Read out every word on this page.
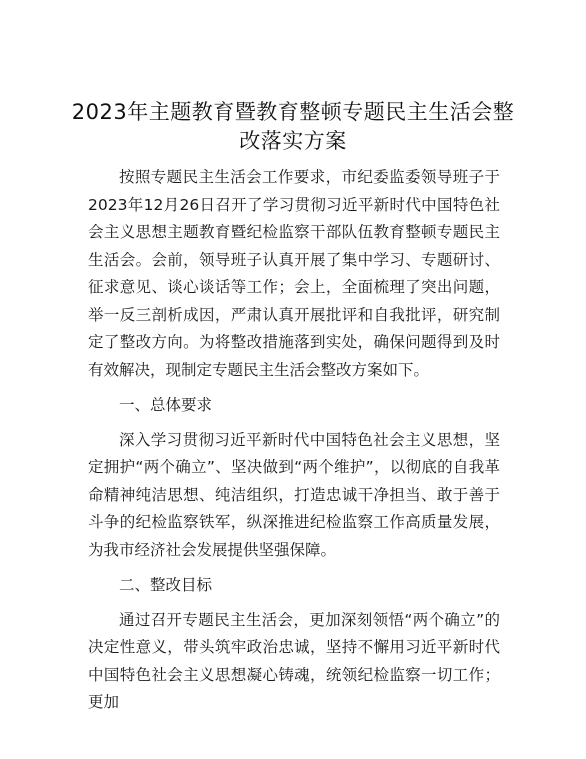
2023年主题教育暨教育整顿专题民主生活会整改落实方案

按照专题民主生活会工作要求，市纪委监委领导班子于2023年12月26日召开了学习贯彻习近平新时代中国特色社会主义思想主题教育暨纪检监察干部队伍教育整顿专题民主生活会。会前，领导班子认真开展了集中学习、专题研讨、征求意见、谈心谈话等工作；会上，全面梳理了突出问题，举一反三剖析成因，严肃认真开展批评和自我批评，研究制定了整改方向。为将整改措施落到实处，确保问题得到及时有效解决，现制定专题民主生活会整改方案如下。

一、总体要求

深入学习贯彻习近平新时代中国特色社会主义思想，坚定拥护“两个确立”、坚决做到“两个维护”，以彻底的自我革命精神纯洁思想、纯洁组织，打造忠诚干净担当、敢于善于斗争的纪检监察铁军，纵深推进纪检监察工作高质量发展，为我市经济社会发展提供坚强保障。

二、整改目标

通过召开专题民主生活会，更加深刻领悟“两个确立”的决定性意义，带头筑牢政治忠诚，坚持不懈用习近平新时代中国特色社会主义思想凝心铸魂，统领纪检监察一切工作；更加
